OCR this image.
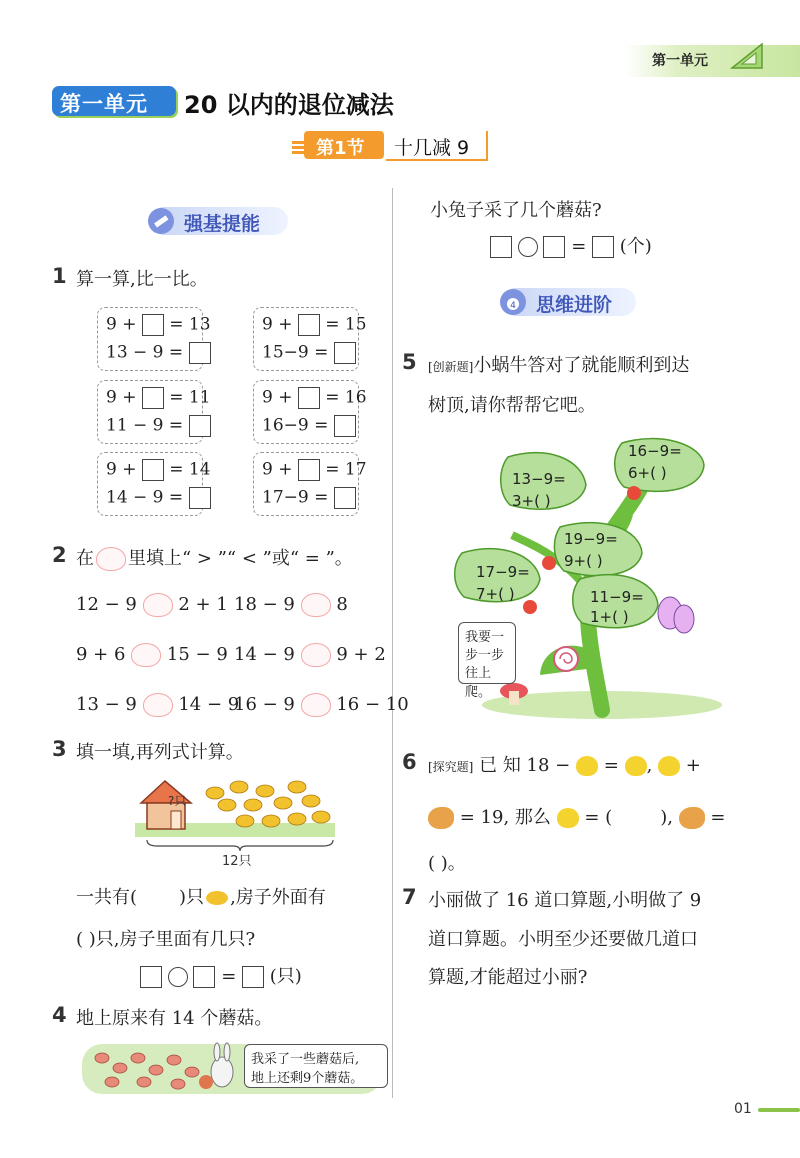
第一单元
第一单元 20 以内的退位减法
第1节 十几减 9
强基提能
1 算一算,比一比。
9 + = 13
13 − 9 =
9 + = 15
15−9 =
9 + = 11
11 − 9 =
9 + = 16
16−9 =
9 + = 14
14 − 9 =
9 + = 17
17−9 =
2 在 里填上“ > ”“ < ”或“ = ”。
12 − 9 2 + 1 18 − 9 8
9 + 6 15 − 9 14 − 9 9 + 2
13 − 9 14 − 9
16 − 9 16 − 10
3 填一填,再列式计算。
?只
12只
一共有( )只 ,房子外面有
( )只,房子里面有几只?
=  (只)
4 地上原来有 14 个蘑菇。
我采了一些蘑菇后,
地上还剩9个蘑菇。
小兔子采了几个蘑菇?
=  (个)
4 思维进阶
5 [创新题]小蜗牛答对了就能顺利到达
树顶,请你帮帮它吧。
16−9=
6+( )
13−9=
3+( )
19−9=
9+( )
17−9=
7+( )	11−9=
1+( )
我要一
步一步
往上爬。
6 [探究题] 已 知 18 − = , +
= 19, 那么 = (	), =
( )。
7 小丽做了 16 道口算题,小明做了 9
道口算题。小明至少还要做几道口
算题,才能超过小丽?
01
